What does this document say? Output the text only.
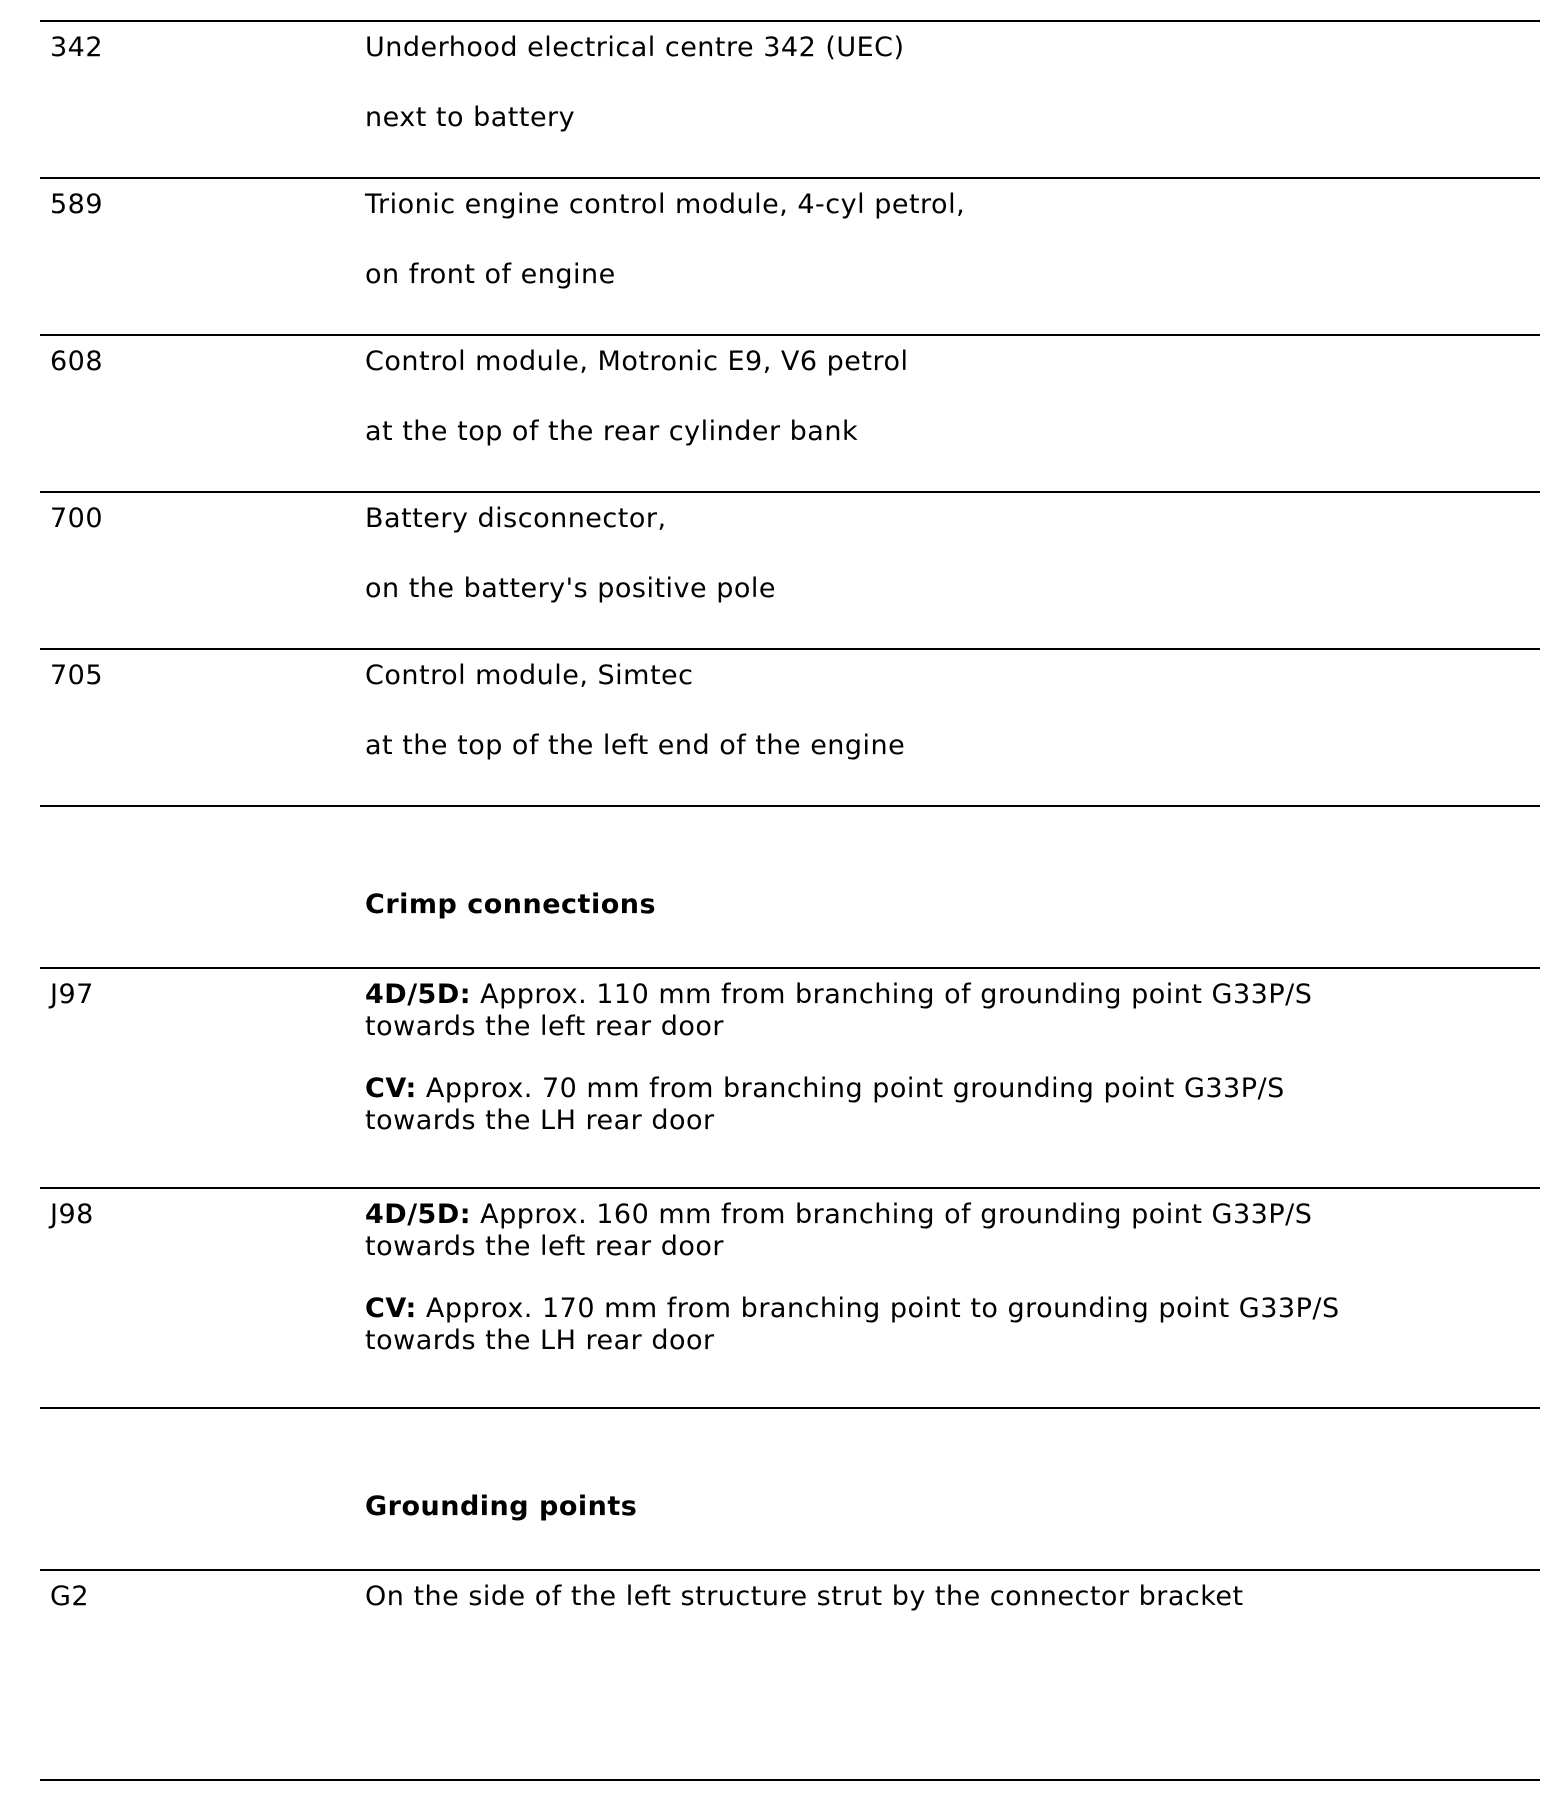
342	Underhood electrical centre 342 (UEC)

next to battery

589	Trionic engine control module, 4-cyl petrol,

on front of engine

608	Control module, Motronic E9, V6 petrol

at the top of the rear cylinder bank

700	Battery disconnector,

on the battery's positive pole

705	Control module, Simtec

at the top of the left end of the engine

Crimp connections
J97	4D/5D: Approx. 110 mm from branching of grounding point G33P/S towards the left rear door

CV: Approx. 70 mm from branching point grounding point G33P/S towards the LH rear door

J98	4D/5D: Approx. 160 mm from branching of grounding point G33P/S towards the left rear door

CV: Approx. 170 mm from branching point to grounding point G33P/S towards the LH rear door

Grounding points
G2	On the side of the left structure strut by the connector bracket
